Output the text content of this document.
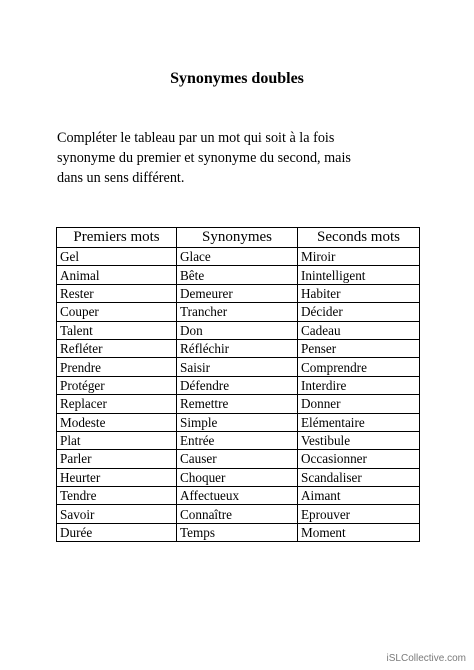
Synonymes doubles
Compléter le tableau par un mot qui soit à la fois
synonyme du premier et synonyme du second, mais
dans un sens différent.
Premiers mots	Synonymes	Seconds mots
Gel	Glace	Miroir
Animal	Bête	Inintelligent
Rester	Demeurer	Habiter
Couper	Trancher	Décider
Talent	Don	Cadeau
Refléter	Réfléchir	Penser
Prendre	Saisir	Comprendre
Protéger	Défendre	Interdire
Replacer	Remettre	Donner
Modeste	Simple	Elémentaire
Plat	Entrée	Vestibule
Parler	Causer	Occasionner
Heurter	Choquer	Scandaliser
Tendre	Affectueux	Aimant
Savoir	Connaître	Eprouver
Durée	Temps	Moment
iSLCollective.com
